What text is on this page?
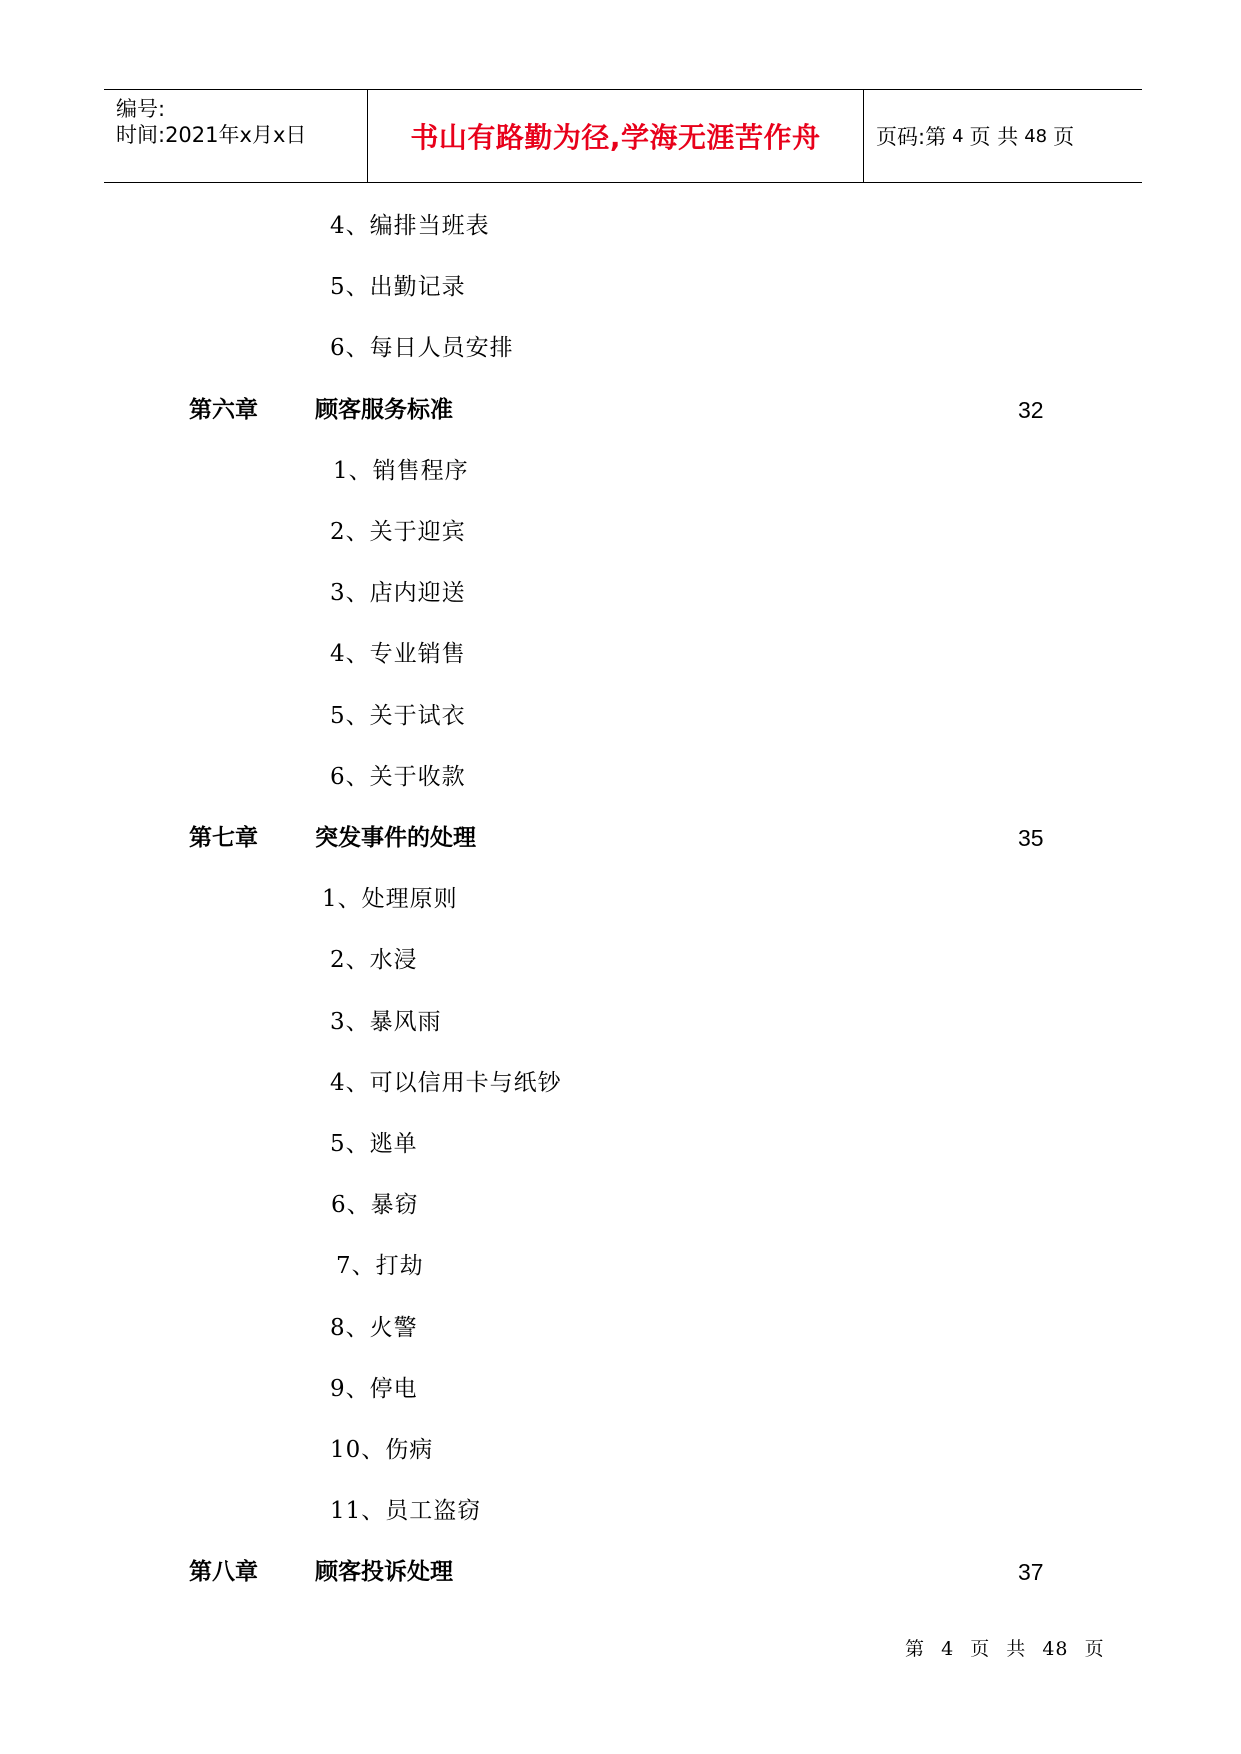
编号:
时间:2021年x月x日	书山有路勤为径,学海无涯苦作舟	页码:第 4 页 共 48 页
4、编排当班表
5、出勤记录
6、每日人员安排
第六章 顾客服务标准	32
1、销售程序
2、关于迎宾
3、店内迎送
4、专业销售
5、关于试衣
6、关于收款
第七章 突发事件的处理	35
1、处理原则
2、水浸
3、暴风雨
4、可以信用卡与纸钞
5、逃单
6、暴窃
7、打劫
8、火警
9、停电
10、伤病
11、员工盗窃
第八章 顾客投诉处理	37
第 4 页 共 48 页
